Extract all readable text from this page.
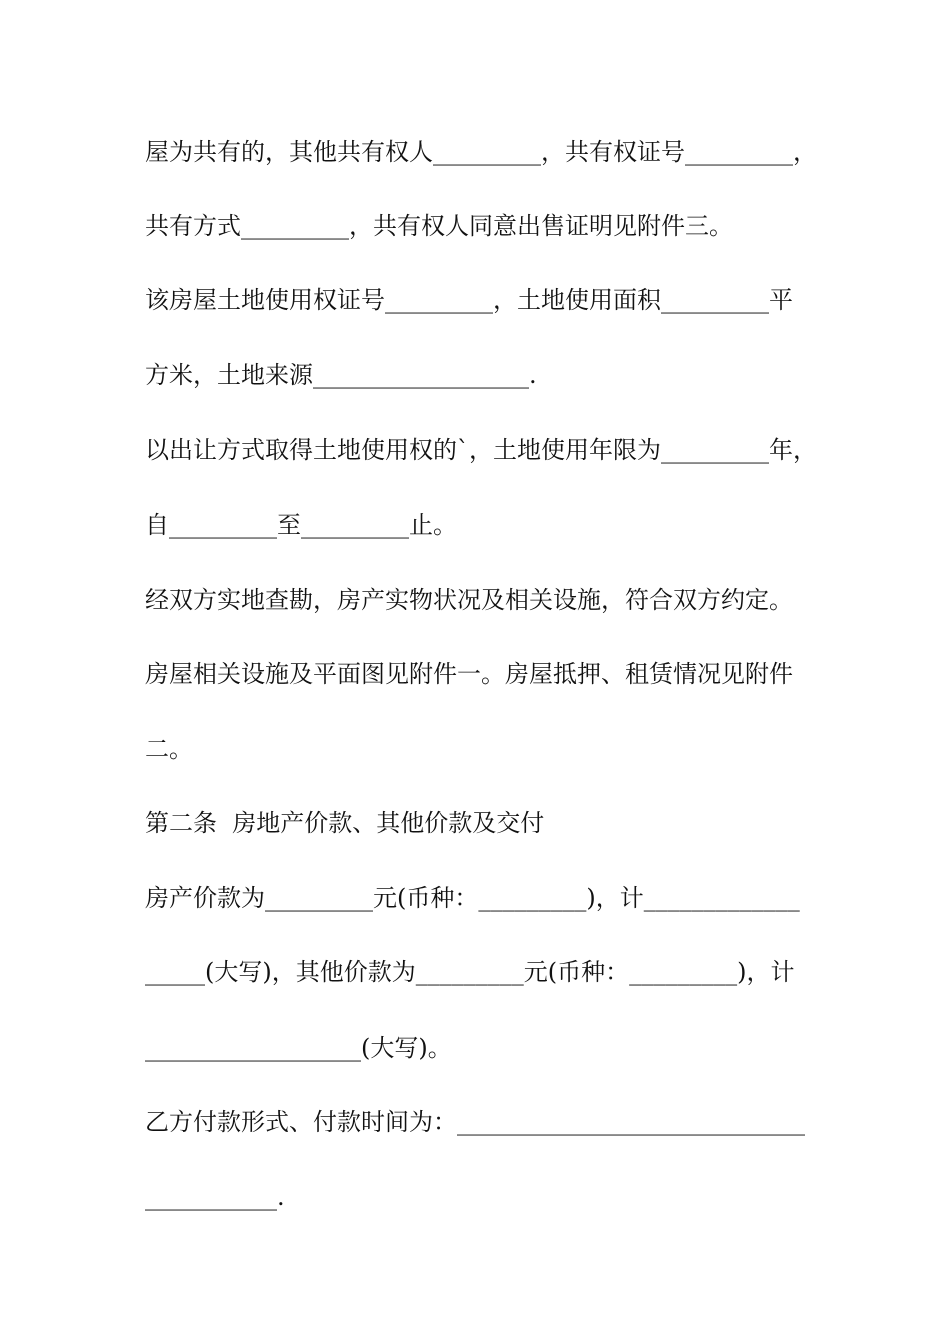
屋为共有的，其他共有权人_________，共有权证号_________，
共有方式_________，共有权人同意出售证明见附件三。
该房屋土地使用权证号_________，土地使用面积_________平
方米，土地来源__________________.
以出让方式取得土地使用权的`，土地使用年限为_________年，
自_________至_________止。
经双方实地查勘，房产实物状况及相关设施，符合双方约定。
房屋相关设施及平面图见附件一。房屋抵押、租赁情况见附件
二。
第二条  房地产价款、其他价款及交付
房产价款为_________元(币种：_________)，计_____________
_____(大写)，其他价款为_________元(币种：_________)，计
__________________(大写)。
乙方付款形式、付款时间为：_____________________________
___________.
